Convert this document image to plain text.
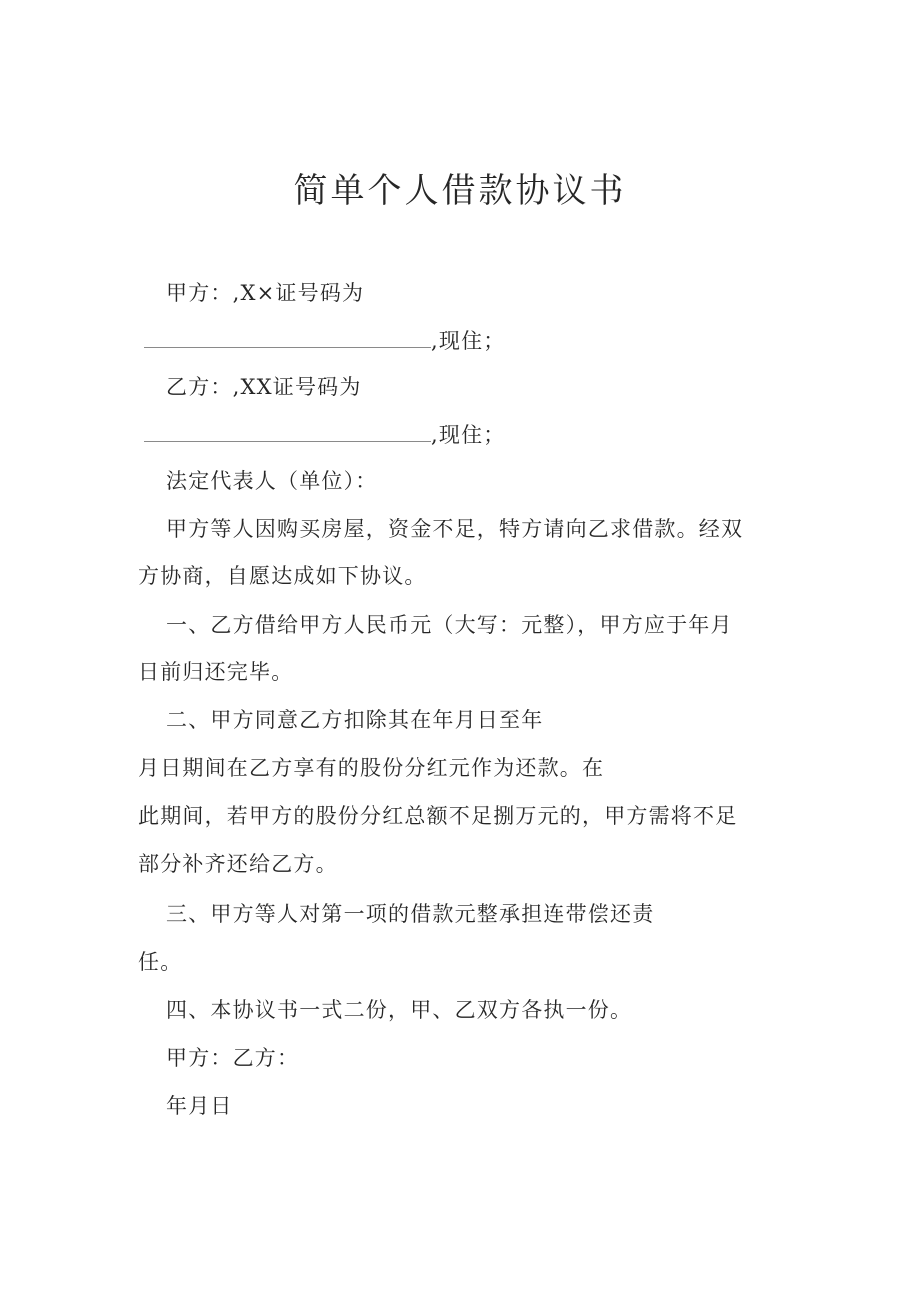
简单个人借款协议书
甲方：,X×证号码为
,现住；
乙方：,XX证号码为
,现住；
法定代表人（单位）：
甲方等人因购买房屋，资金不足，特方请向乙求借款。经双
方协商，自愿达成如下协议。
一、乙方借给甲方人民币元（大写：元整），甲方应于年月
日前归还完毕。
二、甲方同意乙方扣除其在年月日至年
月日期间在乙方享有的股份分红元作为还款。在
此期间，若甲方的股份分红总额不足捌万元的，甲方需将不足
部分补齐还给乙方。
三、甲方等人对第一项的借款元整承担连带偿还责
任。
四、本协议书一式二份，甲、乙双方各执一份。
甲方：乙方：
年月日
